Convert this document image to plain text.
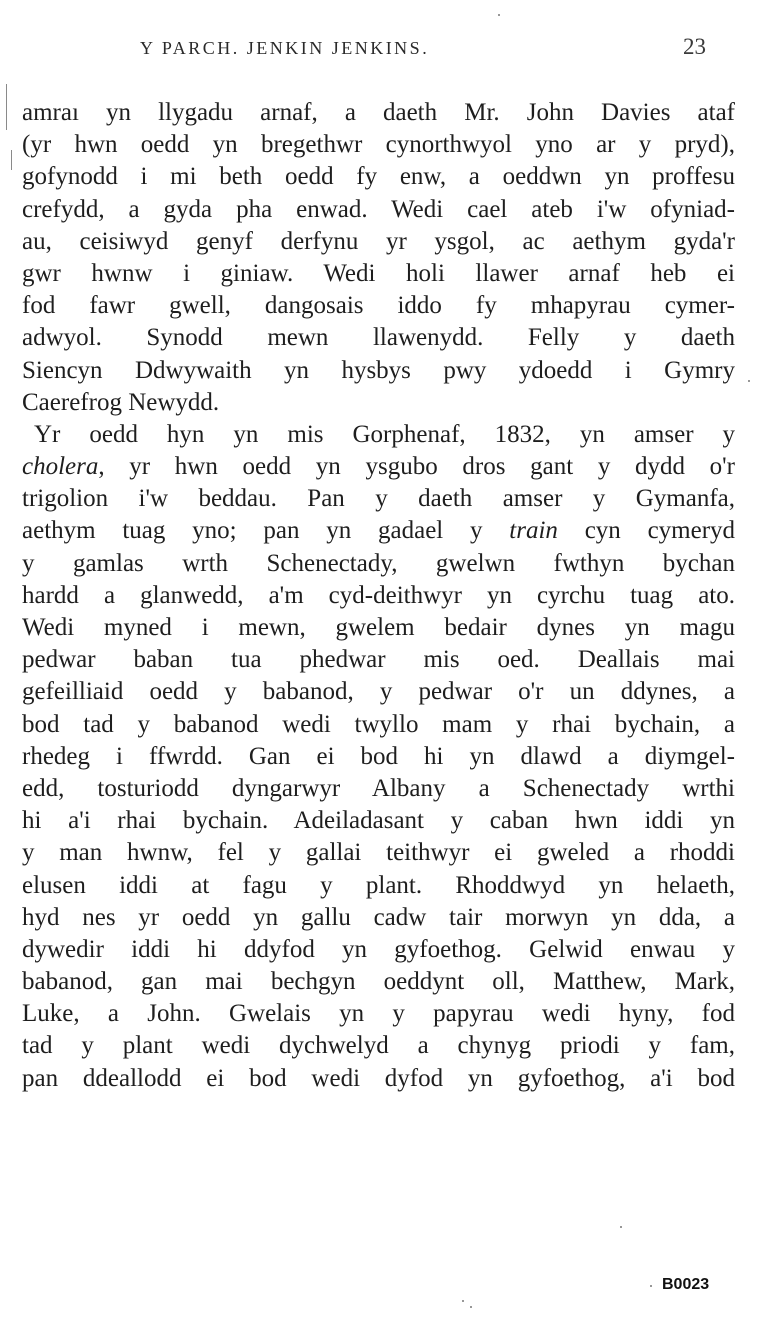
Y PARCH. JENKIN JENKINS.	23
amraı yn llygadu arnaf, a daeth Mr. John Davies ataf
(yr hwn oedd yn bregethwr cynorthwyol yno ar y pryd),
gofynodd i mi beth oedd fy enw, a oeddwn yn proffesu
crefydd, a gyda pha enwad. Wedi cael ateb i'w ofyniad-
au, ceisiwyd genyf derfynu yr ysgol, ac aethym gyda'r
gwr hwnw i giniaw. Wedi holi llawer arnaf heb ei
fod fawr gwell, dangosais iddo fy mhapyrau cymer-
adwyol. Synodd mewn llawenydd. Felly y daeth
Siencyn Ddwywaith yn hysbys pwy ydoedd i Gymry
Caerefrog Newydd.
Yr oedd hyn yn mis Gorphenaf, 1832, yn amser y
cholera, yr hwn oedd yn ysgubo dros gant y dydd o'r
trigolion i'w beddau. Pan y daeth amser y Gymanfa,
aethym tuag yno; pan yn gadael y train cyn cymeryd
y gamlas wrth Schenectady, gwelwn fwthyn bychan
hardd a glanwedd, a'm cyd-deithwyr yn cyrchu tuag ato.
Wedi myned i mewn, gwelem bedair dynes yn magu
pedwar baban tua phedwar mis oed. Deallais mai
gefeilliaid oedd y babanod, y pedwar o'r un ddynes, a
bod tad y babanod wedi twyllo mam y rhai bychain, a
rhedeg i ffwrdd. Gan ei bod hi yn dlawd a diymgel-
edd, tosturiodd dyngarwyr Albany a Schenectady wrthi
hi a'i rhai bychain. Adeiladasant y caban hwn iddi yn
y man hwnw, fel y gallai teithwyr ei gweled a rhoddi
elusen iddi at fagu y plant. Rhoddwyd yn helaeth,
hyd nes yr oedd yn gallu cadw tair morwyn yn dda, a
dywedir iddi hi ddyfod yn gyfoethog. Gelwid enwau y
babanod, gan mai bechgyn oeddynt oll, Matthew, Mark,
Luke, a John. Gwelais yn y papyrau wedi hyny, fod
tad y plant wedi dychwelyd a chynyg priodi y fam,
pan ddeallodd ei bod wedi dyfod yn gyfoethog, a'i bod
B0023
